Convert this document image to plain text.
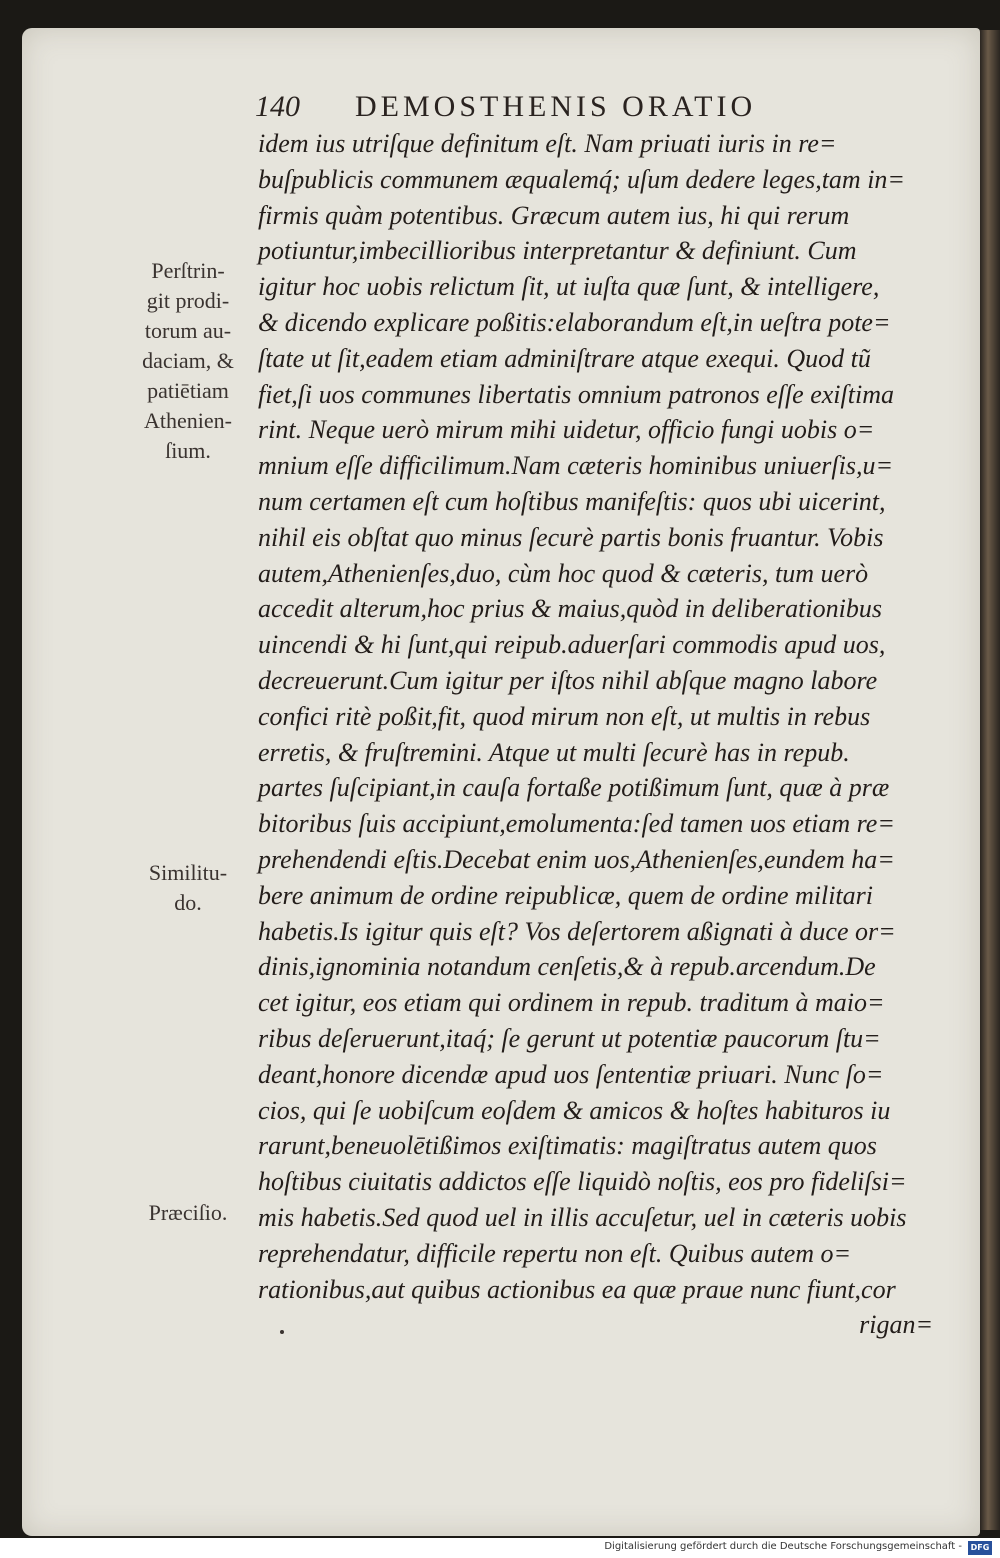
140 DEMOSTHENIS ORATIO
idem ius utriſque definitum eſt. Nam priuati iuris in re=
buſpublicis communem æqualemq́; uſum dedere leges,tam in=
firmis quàm potentibus. Græcum autem ius, hi qui rerum
potiuntur,imbecillioribus interpretantur & definiunt. Cum
igitur hoc uobis relictum ſit, ut iuſta quæ ſunt, & intelligere,
& dicendo explicare poßitis:elaborandum eſt,in ueſtra pote=
ſtate ut ſit,eadem etiam adminiſtrare atque exequi. Quod tũ
fiet,ſi uos communes libertatis omnium patronos eſſe exiſtima
rint. Neque uerò mirum mihi uidetur, officio fungi uobis o=
mnium eſſe difficilimum.Nam cæteris hominibus uniuerſis,u=
num certamen eſt cum hoſtibus manifeſtis: quos ubi uicerint,
nihil eis obſtat quo minus ſecurè partis bonis fruantur. Vobis
autem,Athenienſes,duo, cùm hoc quod & cæteris, tum uerò
accedit alterum,hoc prius & maius,quòd in deliberationibus
uincendi & hi ſunt,qui reipub.aduerſari commodis apud uos,
decreuerunt.Cum igitur per iſtos nihil abſque magno labore
confici ritè poßit,fit, quod mirum non eſt, ut multis in rebus
erretis, & fruſtremini. Atque ut multi ſecurè has in repub.
partes ſuſcipiant,in cauſa fortaße potißimum ſunt, quæ à præ
bitoribus ſuis accipiunt,emolumenta:ſed tamen uos etiam re=
prehendendi eſtis.Decebat enim uos,Athenienſes,eundem ha=
bere animum de ordine reipublicæ, quem de ordine militari
habetis.Is igitur quis eſt? Vos deſertorem aßignati à duce or=
dinis,ignominia notandum cenſetis,& à repub.arcendum.De
cet igitur, eos etiam qui ordinem in repub. traditum à maio=
ribus deſeruerunt,itaq́; ſe gerunt ut potentiæ paucorum ſtu=
deant,honore dicendæ apud uos ſententiæ priuari. Nunc ſo=
cios, qui ſe uobiſcum eoſdem & amicos & hoſtes habituros iu
rarunt,beneuolētißimos exiſtimatis: magiſtratus autem quos
hoſtibus ciuitatis addictos eſſe liquidò noſtis, eos pro fideliſsi=
mis habetis.Sed quod uel in illis accuſetur, uel in cæteris uobis
reprehendatur, difficile repertu non eſt. Quibus autem o=
rationibus,aut quibus actionibus ea quæ praue nunc fiunt,cor
rigan=
Perſtrin-
git prodi-
torum au-
daciam, &
patiētiam
Athenien-
ſium.
Similitu-
do.
Præciſio.
Digitalisierung gefördert durch die Deutsche Forschungsgemeinschaft -	DFG
